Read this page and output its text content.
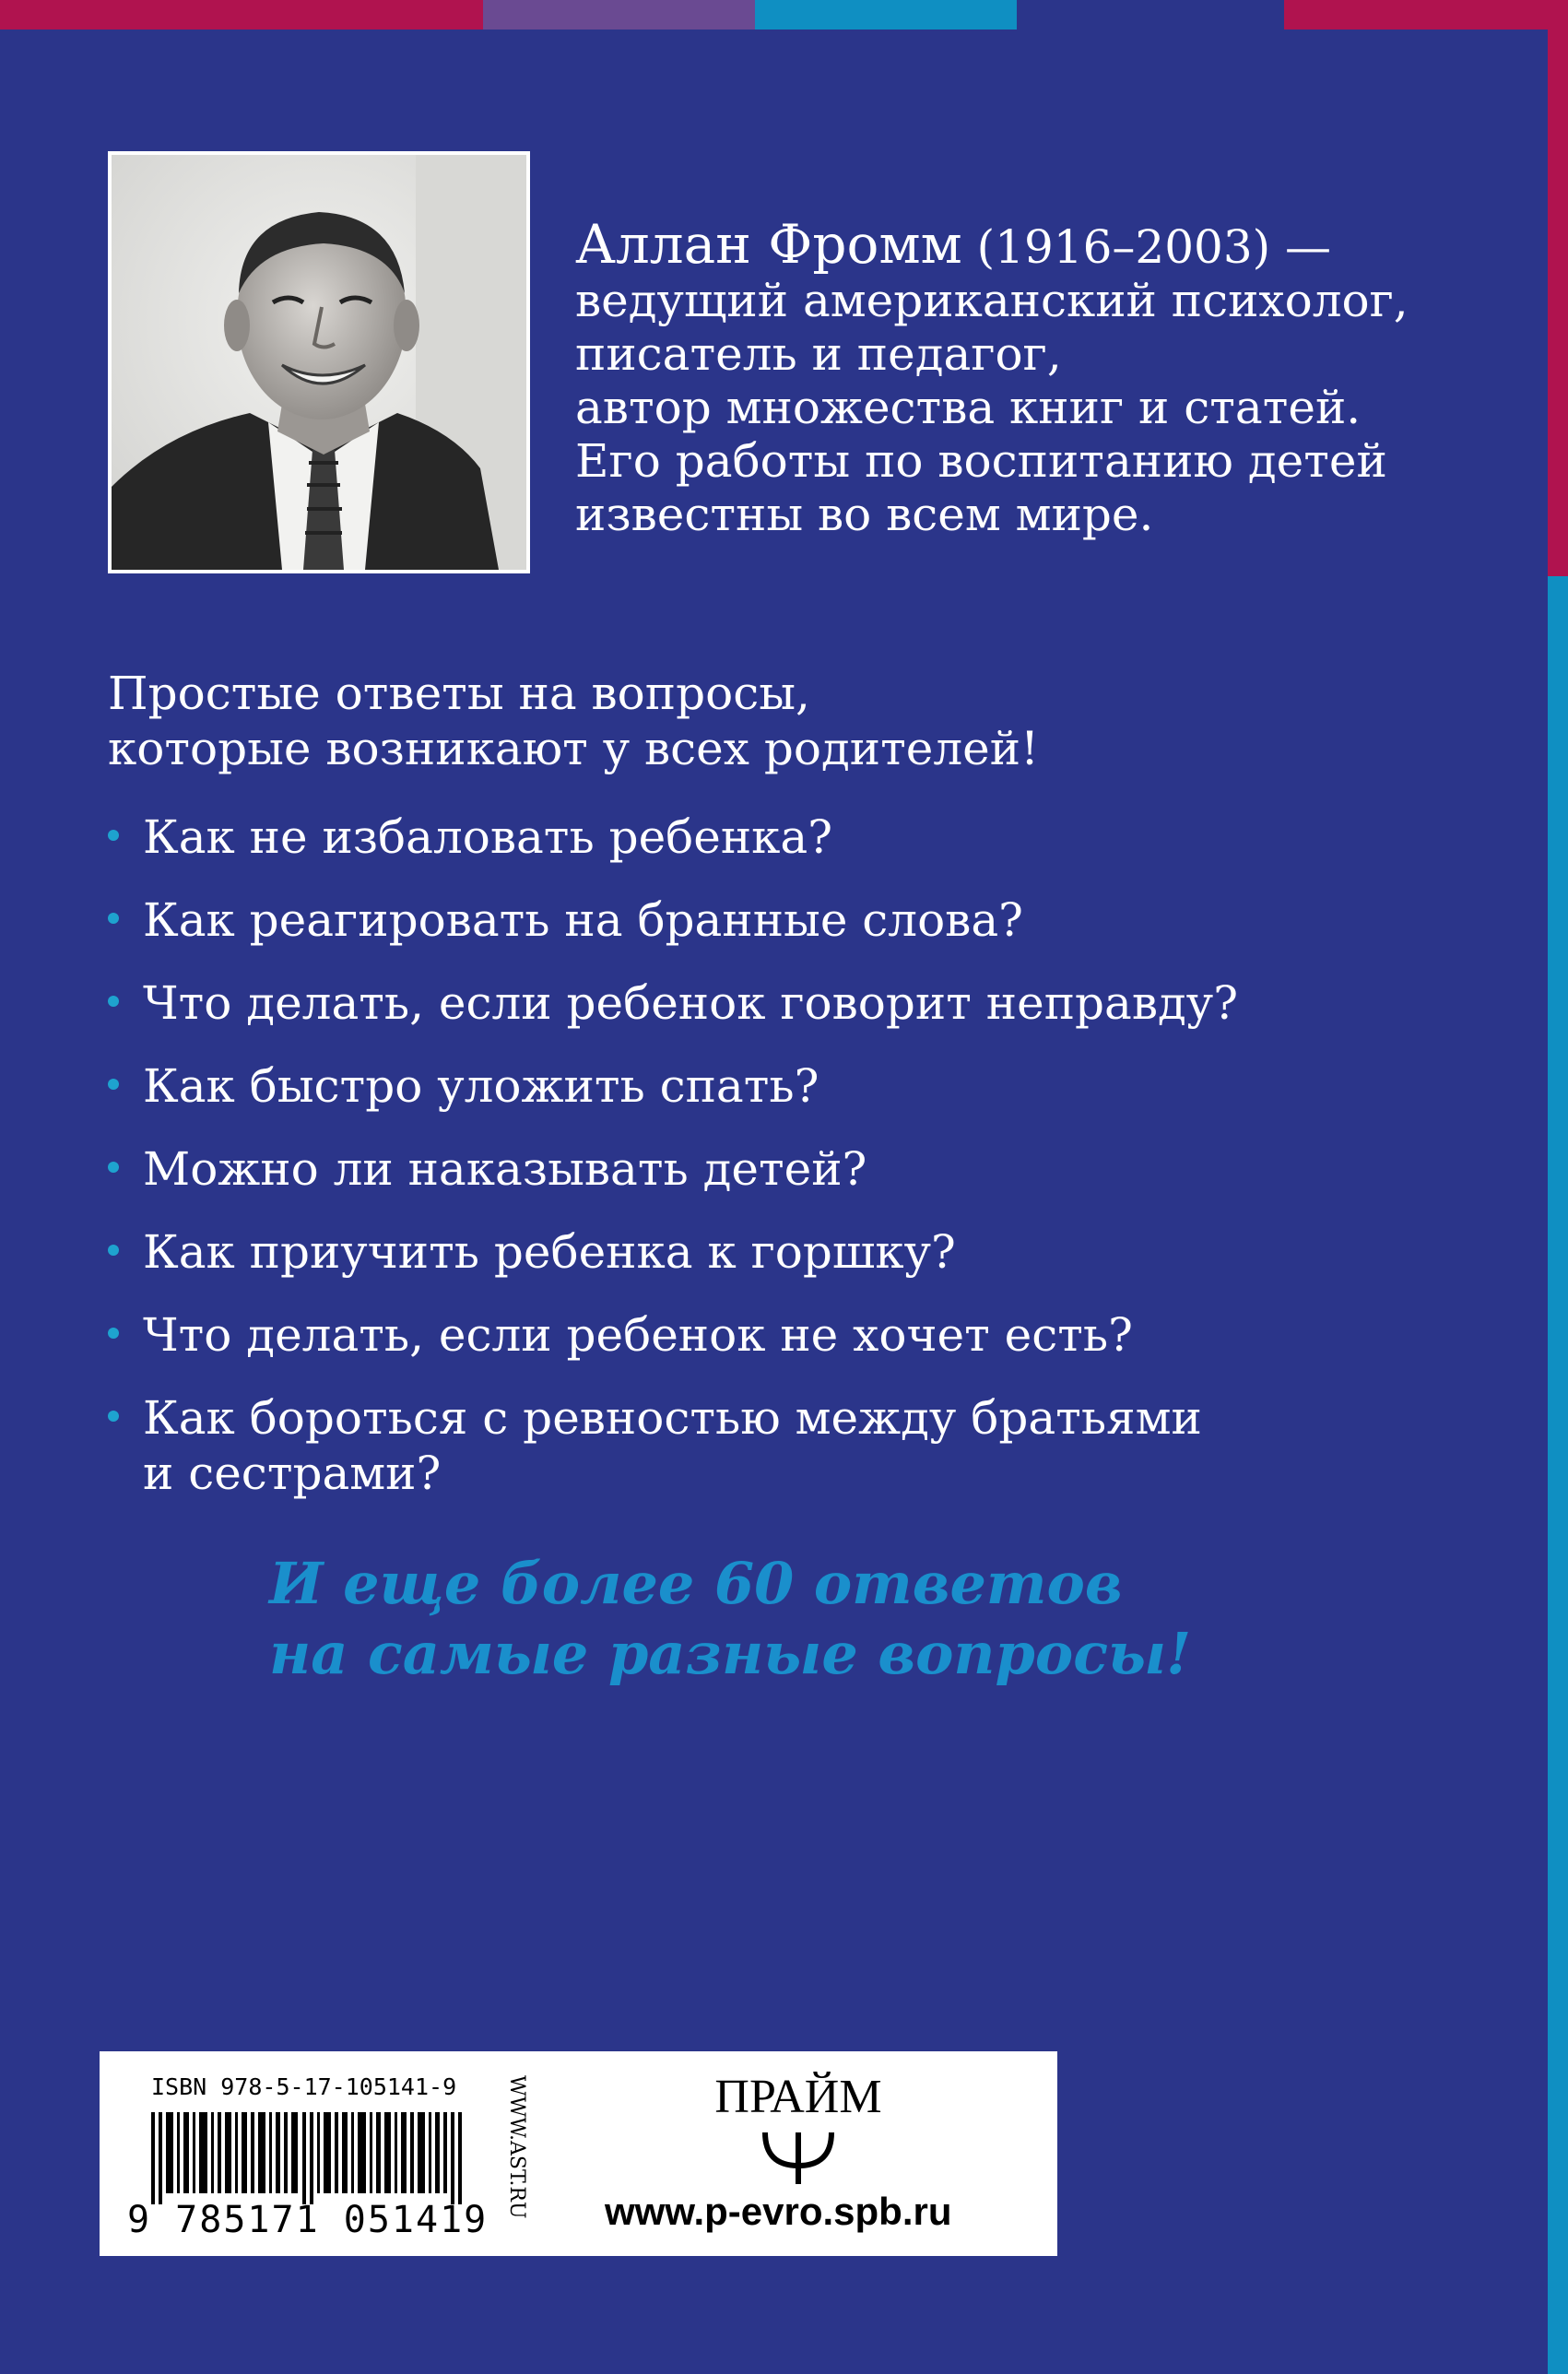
Аллан Фромм (1916–2003) —

ведущий американский психолог,

писатель и педагог,

автор множества книг и статей.

Его работы по воспитанию детей

известны во всем мире.

Простые ответы на вопросы,

которые возникают у всех родителей!

Как не избаловать ребенка?
Как реагировать на бранные слова?
Что делать, если ребенок говорит неправду?
Как быстро уложить спать?
Можно ли наказывать детей?
Как приучить ребенка к горшку?
Что делать, если ребенок не хочет есть?
Как бороться с ревностью между братьями
и сестрами?

И еще более 60 ответов

на самые разные вопросы!

ISBN 978-5-17-105141-9
9 785171 051419
WWW.AST.RU	ПРАЙМ
www.p-evro.spb.ru
